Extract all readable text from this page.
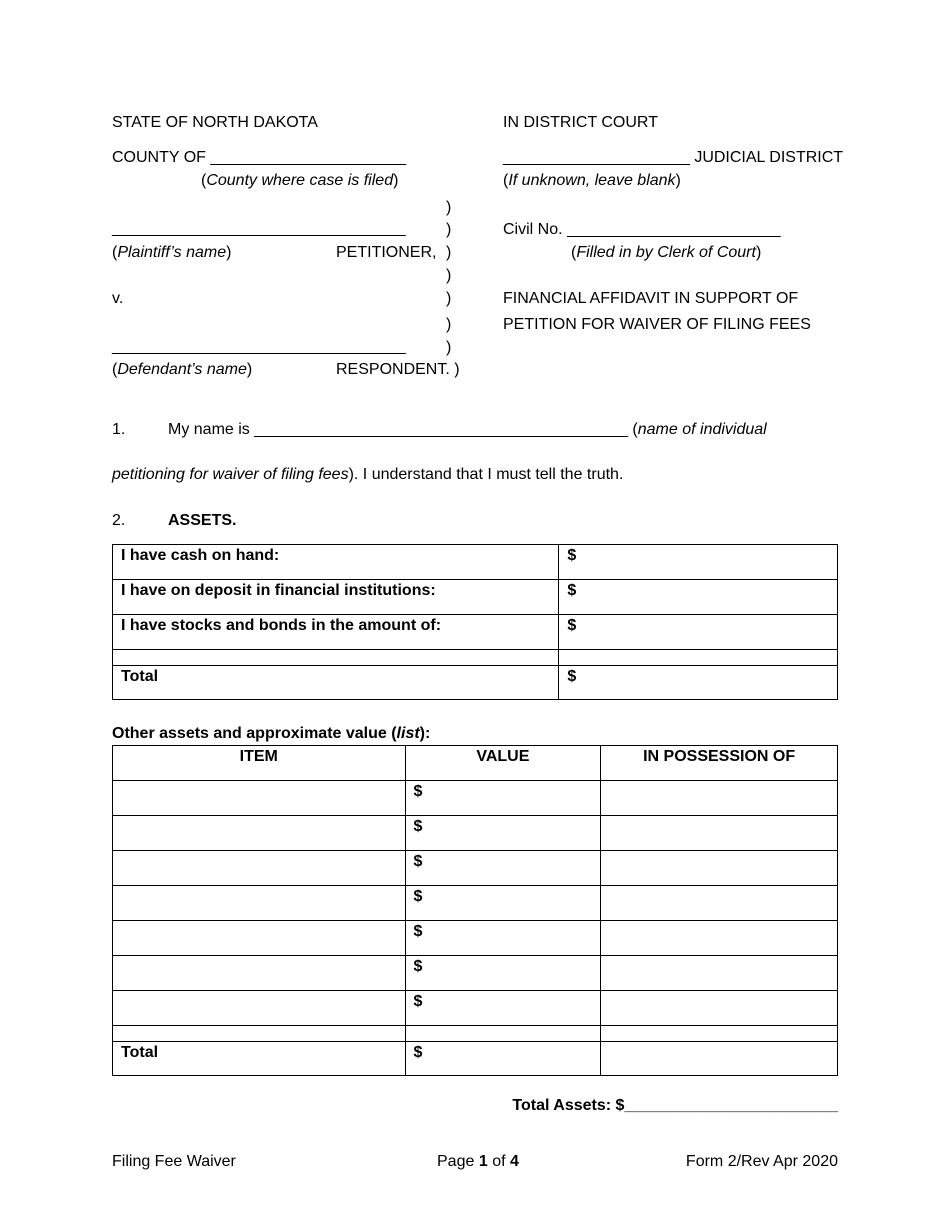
STATE OF NORTH DAKOTA	IN DISTRICT COURT
COUNTY OF ______________________	_____________________ JUDICIAL DISTRICT
(County where case is filed)	(If unknown, leave blank)
)
)
)
)
)
)
)
_________________________________
(Plaintiff’s name)	PETITIONER,
Civil No. ________________________
(Filled in by Clerk of Court)
v.	FINANCIAL AFFIDAVIT IN SUPPORT OF
PETITION FOR WAIVER OF FILING FEES
_________________________________
(Defendant’s name)	RESPONDENT. )
1.	My name is __________________________________________ (name of individual
petitioning for waiver of filing fees). I understand that I must tell the truth.
2.	ASSETS.
I have cash on hand:	$
I have on deposit in financial institutions:	$
I have stocks and bonds in the amount of:	$

Total	$
Other assets and approximate value (list):
ITEM	VALUE	IN POSSESSION OF
	$	
	$	
	$	
	$	
	$	
	$	
	$	

Total	$	
Total Assets: $________________________
Filing Fee Waiver	Page 1 of 4	Form 2/Rev Apr 2020
